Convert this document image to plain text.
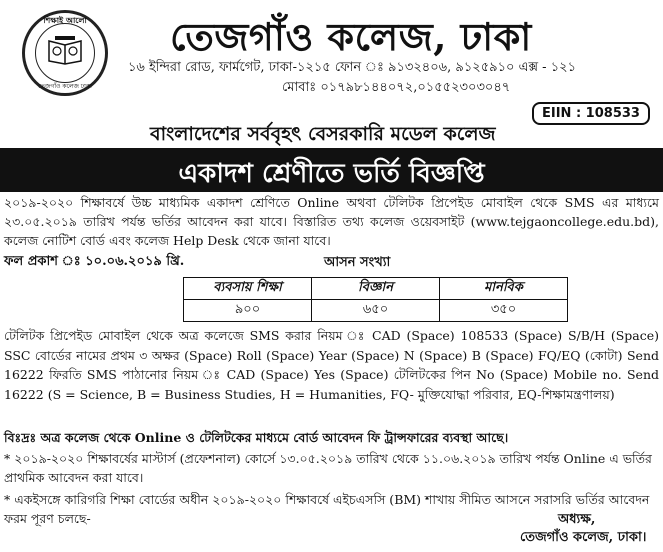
শিক্ষাই আলো
তেজগাঁও কলেজ ঢাকা
তেজগাঁও কলেজ, ঢাকা
১৬ ইন্দিরা রোড, ফার্মগেট, ঢাকা-১২১৫ ফোন ঃ ৯১৩২৪০৬, ৯১২৫৯১০ এক্স - ১২১
মোবাঃ ০১৭৯৮১৪৪০৭২,০১৫৫২৩০৩০৪৭
EIIN : 108533
বাংলাদেশের সর্ববৃহৎ বেসরকারি মডেল কলেজ
একাদশ শ্রেণীতে ভর্তি বিজ্ঞপ্তি
২০১৯-২০২০ শিক্ষাবর্ষে উচ্চ মাধ্যমিক একাদশ শ্রেণিতে Online অথবা টেলিটক প্রিপেইড মোবাইল থেকে SMS এর মাধ্যমে ২৩.০৫.২০১৯ তারিখ পর্যন্ত ভর্তির আবেদন করা যাবে। বিস্তারিত তথ্য কলেজ ওয়েবসাইট (www.tejgaoncollege.edu.bd), কলেজ নোটিশ বোর্ড এবং কলেজ Help Desk থেকে জানা যাবে।
ফল প্রকাশ ঃ ১০.০৬.২০১৯ খ্রি.	আসন সংখ্যা
ব্যবসায় শিক্ষা	বিজ্ঞান	মানবিক
৯০০	৬৫০	৩৫০
টেলিটক প্রিপেইড মোবাইল থেকে অত্র কলেজে SMS করার নিয়ম ঃ CAD (Space) 108533 (Space) S/B/H (Space) SSC বোর্ডের নামের প্রথম ৩ অক্ষর (Space) Roll (Space) Year (Space) N (Space) B (Space) FQ/EQ (কোটা) Send 16222 ফিরতি SMS পাঠানোর নিয়ম ঃ CAD (Space) Yes (Space) টেলিটকের পিন No (Space) Mobile no. Send 16222 (S = Science, B = Business Studies, H = Humanities, FQ- মুক্তিযোদ্ধা পরিবার, EQ-শিক্ষামন্ত্রণালয়)
বিঃদ্রঃ অত্র কলেজ থেকে Online ও টেলিটকের মাধ্যমে বোর্ড আবেদন ফি ট্রান্সফারের ব্যবস্থা আছে।
* ২০১৯-২০২০ শিক্ষাবর্ষের মাস্টার্স (প্রফেশনাল) কোর্সে ১৩.০৫.২০১৯ তারিখ থেকে ১১.০৬.২০১৯ তারিখ পর্যন্ত Online এ ভর্তির প্রাথমিক আবেদন করা যাবে।
* একইসঙ্গে কারিগরি শিক্ষা বোর্ডের অধীন ২০১৯-২০২০ শিক্ষাবর্ষে এইচএসসি (BM) শাখায় সীমিত আসনে সরাসরি ভর্তির আবেদন ফরম পূরণ চলছে-	অধ্যক্ষ,
তেজগাঁও কলেজ, ঢাকা।
